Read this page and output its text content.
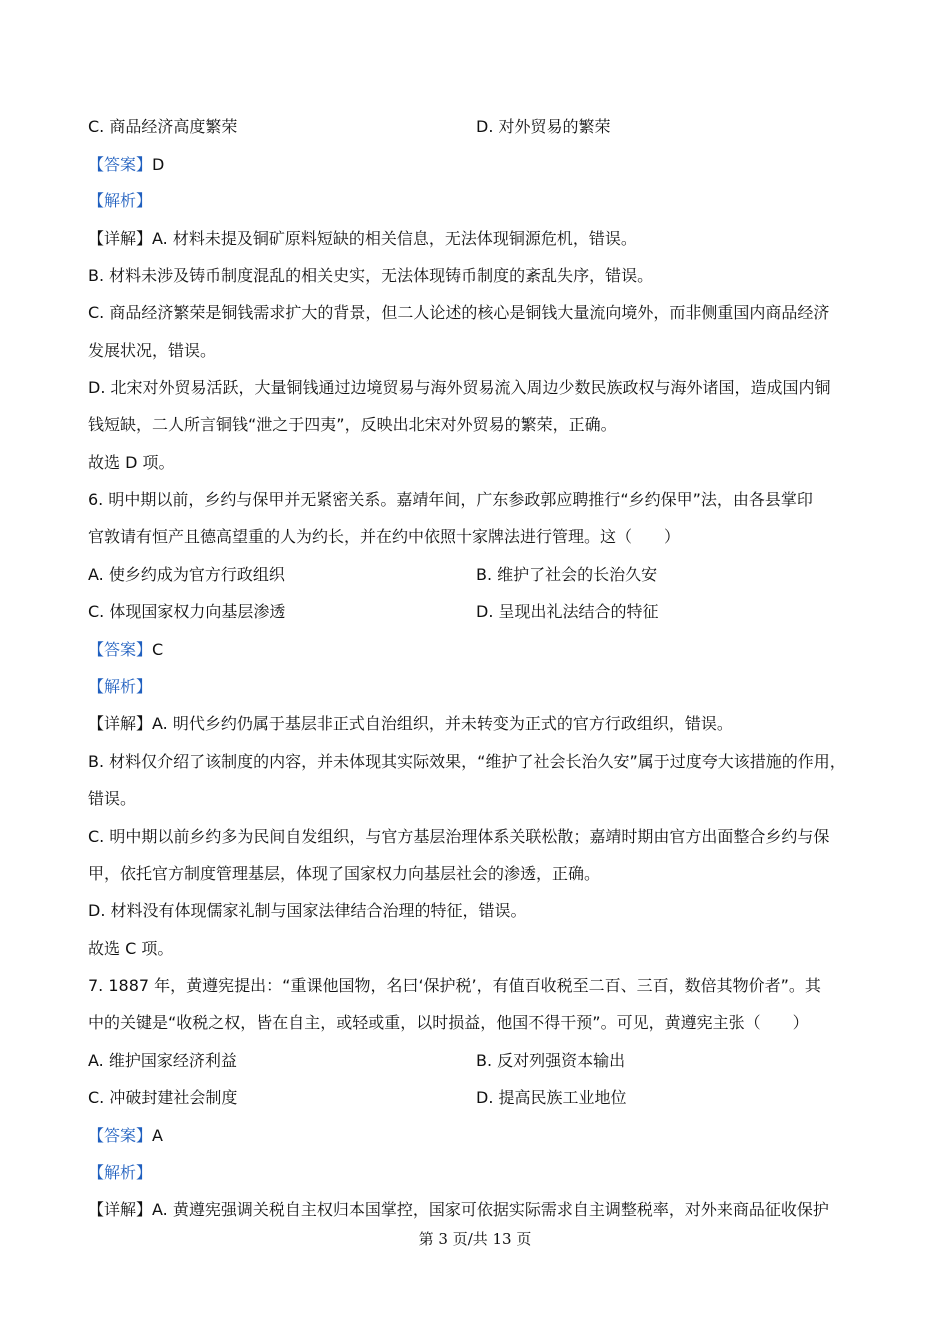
C. 商品经济高度繁荣	D. 对外贸易的繁荣
【答案】D
【解析】
【详解】A. 材料未提及铜矿原料短缺的相关信息，无法体现铜源危机，错误。
B. 材料未涉及铸币制度混乱的相关史实，无法体现铸币制度的紊乱失序，错误。
C. 商品经济繁荣是铜钱需求扩大的背景，但二人论述的核心是铜钱大量流向境外，而非侧重国内商品经济
发展状况，错误。
D. 北宋对外贸易活跃，大量铜钱通过边境贸易与海外贸易流入周边少数民族政权与海外诸国，造成国内铜
钱短缺，二人所言铜钱“泄之于四夷”，反映出北宋对外贸易的繁荣，正确。
故选 D 项。
6. 明中期以前，乡约与保甲并无紧密关系。嘉靖年间，广东参政郭应聘推行“乡约保甲”法，由各县掌印
官敦请有恒产且德高望重的人为约长，并在约中依照十家牌法进行管理。这（　　）
A. 使乡约成为官方行政组织	B. 维护了社会的长治久安
C. 体现国家权力向基层渗透	D. 呈现出礼法结合的特征
【答案】C
【解析】
【详解】A. 明代乡约仍属于基层非正式自治组织，并未转变为正式的官方行政组织，错误。
B. 材料仅介绍了该制度的内容，并未体现其实际效果，“维护了社会长治久安”属于过度夸大该措施的作用，
错误。
C. 明中期以前乡约多为民间自发组织，与官方基层治理体系关联松散；嘉靖时期由官方出面整合乡约与保
甲，依托官方制度管理基层，体现了国家权力向基层社会的渗透，正确。
D. 材料没有体现儒家礼制与国家法律结合治理的特征，错误。
故选 C 项。
7. 1887 年，黄遵宪提出：“重课他国物，名曰‘保护税’，有值百收税至二百、三百，数倍其物价者”。其
中的关键是“收税之权，皆在自主，或轻或重，以时损益，他国不得干预”。可见，黄遵宪主张（　　）
A. 维护国家经济利益	B. 反对列强资本输出
C. 冲破封建社会制度	D. 提高民族工业地位
【答案】A
【解析】
【详解】A. 黄遵宪强调关税自主权归本国掌控，国家可依据实际需求自主调整税率，对外来商品征收保护
第 3 页/共 13 页
